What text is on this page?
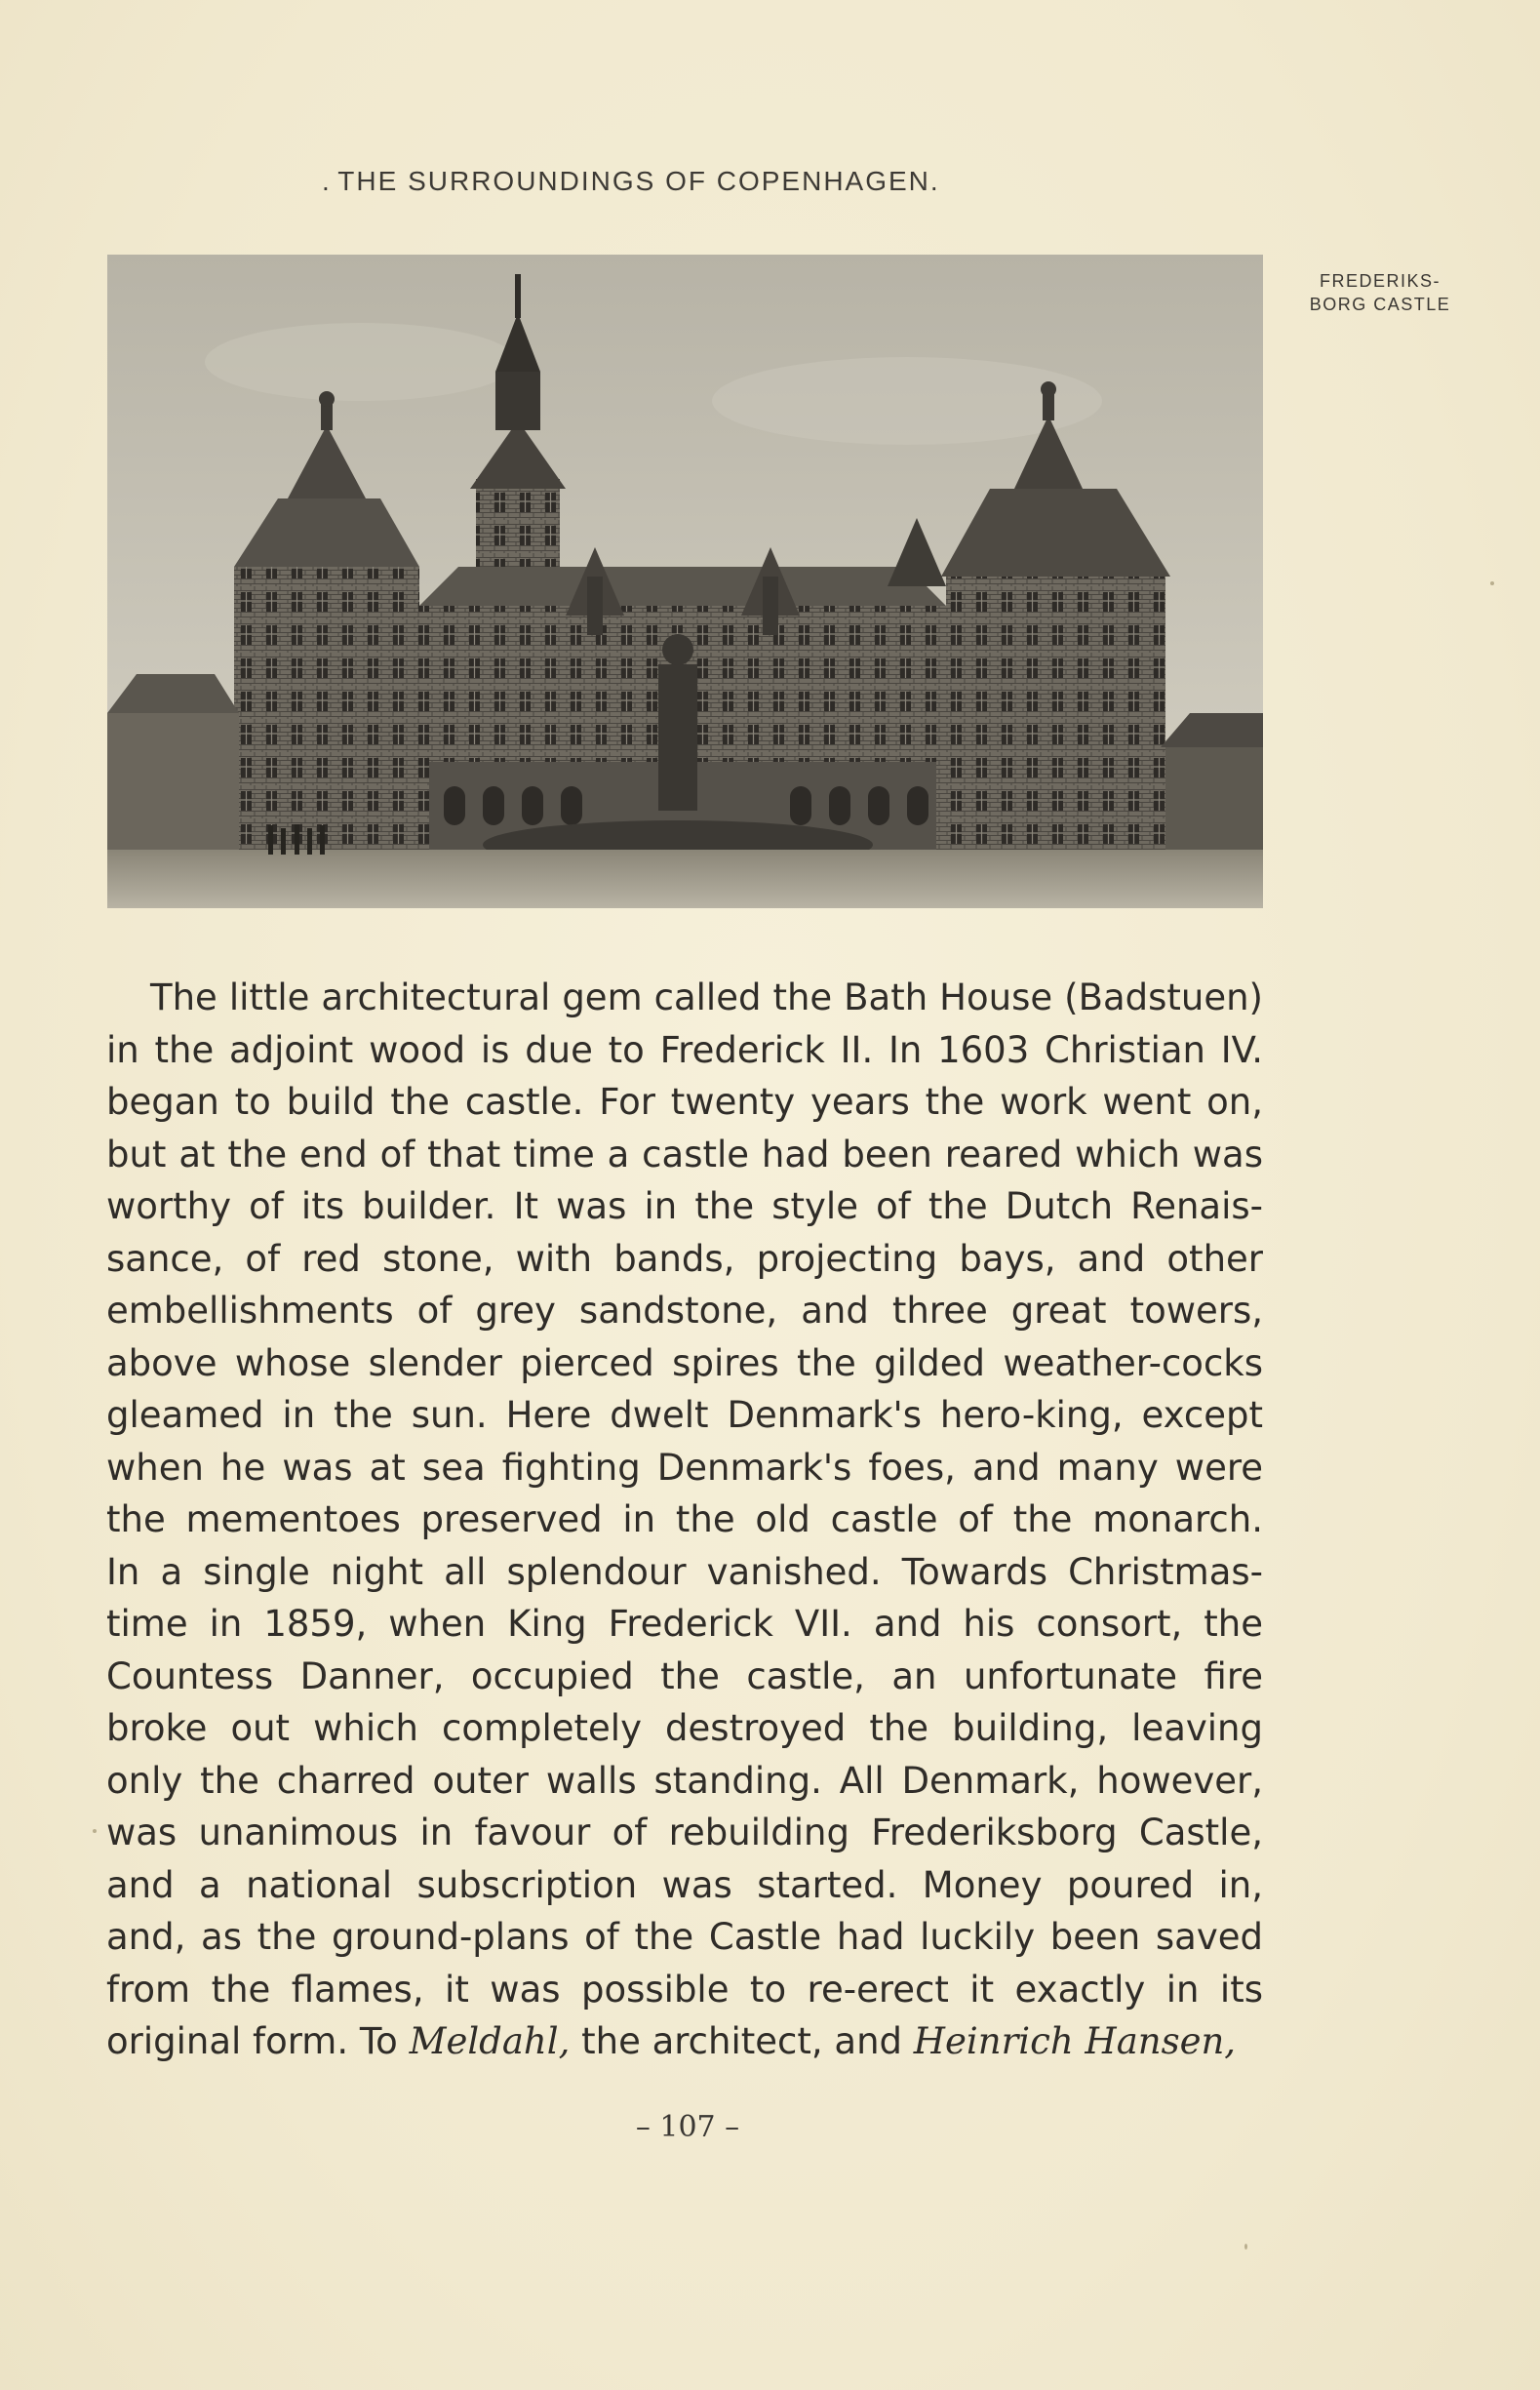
. THE SURROUNDINGS OF COPENHAGEN.
FREDERIKS-
BORG CASTLE
The little architectural gem called the Bath House (Badstuen)
in the adjoint wood is due to Frederick II. In 1603 Christian IV.
began to build the castle. For twenty years the work went on,
but at the end of that time a castle had been reared which was
worthy of its builder. It was in the style of the Dutch Renais-
sance, of red stone, with bands, projecting bays, and other
embellishments of grey sandstone, and three great towers,
above whose slender pierced spires the gilded weather-cocks
gleamed in the sun. Here dwelt Denmark's hero-king, except
when he was at sea fighting Denmark's foes, and many were
the mementoes preserved in the old castle of the monarch.
In a single night all splendour vanished. Towards Christmas-
time in 1859, when King Frederick VII. and his consort, the
Countess Danner, occupied the castle, an unfortunate fire
broke out which completely destroyed the building, leaving
only the charred outer walls standing. All Denmark, however,
was unanimous in favour of rebuilding Frederiksborg Castle,
and a national subscription was started. Money poured in,
and, as the ground-plans of the Castle had luckily been saved
from the flames, it was possible to re-erect it exactly in its
original form. To Meldahl, the architect, and Heinrich Hansen,
– 107 –
